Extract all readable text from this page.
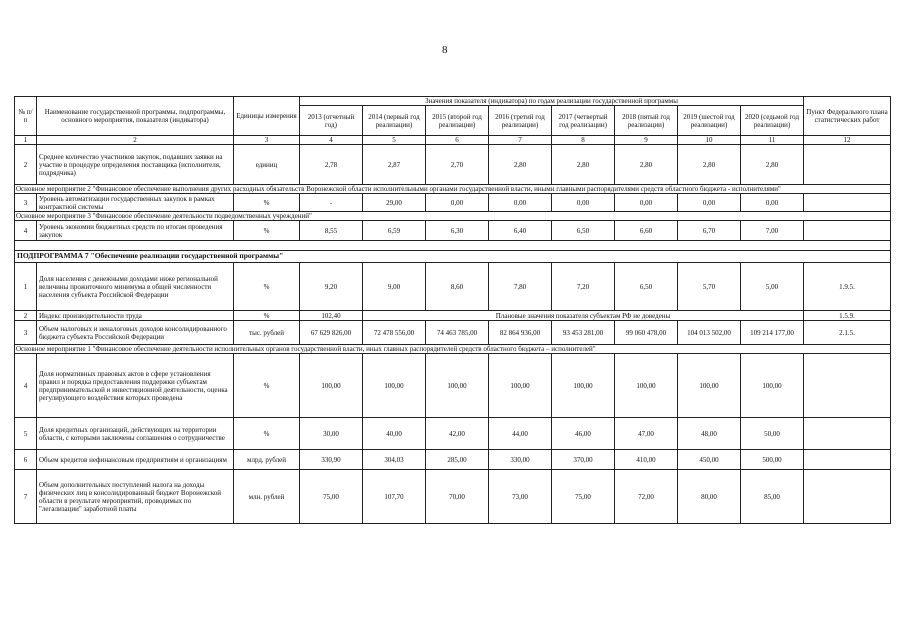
8
№ п/п	Наименование государственной программы, подпрограммы, основного мероприятия, показателя (индикатора)	Единицы измерения	Значения показателя (индикатора) по годам реализации государственной программы								Пункт Федерального плана статистических работ
			2013 (отчетный год)	2014 (первый год реализации)	2015 (второй год реализации)	2016 (третий год реализации)	2017 (четвертый год реализации)	2018 (пятый год реализации)	2019 (шестой год реализации)	2020 (седьмой год реализации)	
1	2	3	4	5	6	7	8	9	10	11	12
2	Среднее количество участников закупок, подавших заявки на участие в процедуре определения поставщика (исполнителя, подрядчика)	единиц	2,78	2,87	2,70	2,80	2,80	2,80	2,80	2,80	
Основное мероприятие 2 "Финансовое обеспечение выполнения других расходных обязательств Воронежской области исполнительными органами государственной власти, иными главными распорядителями средств областного бюджета - исполнителями"											
3	Уровень автоматизации государственных закупок в рамках контрактной системы	%	-	29,00	0,00	0,00	0,00	0,00	0,00	0,00	
Основное мероприятие 3 "Финансовое обеспечение деятельности подведомственных учреждений"											
4	Уровень экономии бюджетных средств по итогам проведения закупок	%	8,55	6,59	6,30	6,40	6,50	6,60	6,70	7,00	

ПОДПРОГРАММА 7 "Обеспечение реализации государственной программы"											
1	Доля населения с денежными доходами ниже региональной величины прожиточного минимума в общей численности населения субъекта Российской Федерации	%	9,20	9,00	8,60	7,80	7,20	6,50	5,70	5,00	1.9.5.
2	Индекс производительности труда	%	102,40	Плановые значения показателя субъектам РФ не доведены							1.5.9.
3	Объем налоговых и неналоговых доходов консолидированного бюджета субъекта Российской Федерации	тыс. рублей	67 629 826,00	72 478 556,00	74 463 785,00	82 864 936,00	93 453 281,00	99 060 478,00	104 013 502,00	109 214 177,00	2.1.5.
Основное мероприятие 1 "Финансовое обеспечение деятельности исполнительных органов государственной власти, иных главных распорядителей средств областного бюджета – исполнителей"											
4	Доля нормативных правовых актов в сфере установления правил и порядка предоставления поддержки субъектам предпринимательской и инвестиционной деятельности, оценка регулирующего воздействия которых проведена	%	100,00	100,00	100,00	100,00	100,00	100,00	100,00	100,00	
5	Доля кредитных организаций, действующих на территории области, с которыми заключены соглашения о сотрудничестве	%	30,00	40,00	42,00	44,00	46,00	47,00	48,00	50,00	
6	Объем кредитов нефинансовым предприятиям и организациям	млрд. рублей	330,90	304,03	285,00	330,00	370,00	410,00	450,00	500,00	
7	Объем дополнительных поступлений налога на доходы физических лиц в консолидированный бюджет Воронежской области в результате мероприятий, проводимых по "легализации" заработной платы	млн. рублей	75,00	107,70	70,00	73,00	75,00	72,00	80,00	85,00	
